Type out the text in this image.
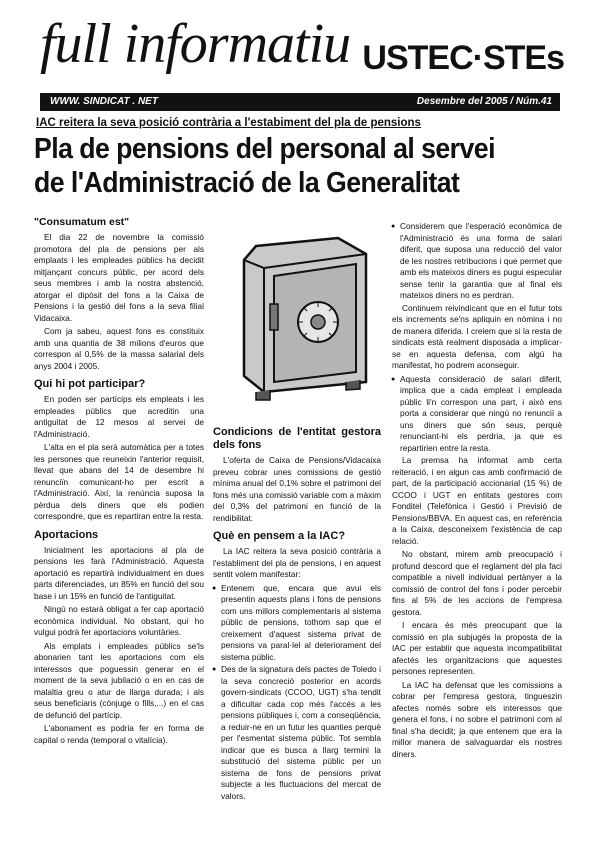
full informatiu USTEC·STEs
WWW. SINDICAT . NET	Desembre del 2005 / Núm.41
IAC reitera la seva posició contrària a l'estabiment del pla de pensions
Pla de pensions del personal al servei de l'Administració de la Generalitat
"Consumatum est"

El dia 22 de novembre la comissió promotora del pla de pensions per als emplaats i les empleades públics ha decidit mitjançant concurs públic, per acord dels seus membres i amb la nostra abstenció, atorgar el dipòsit del fons a la Caixa de Pensions i la gestió del fons a la seva filial Vidacaixa.

Com ja sabeu, aquest fons es constituix amb una quantia de 38 milions d'euros que correspon al 0,5% de la massa salarial dels anys 2004 i 2005.

Qui hi pot participar?

En poden ser partícips els empleats i les empleades públics que acreditin una antiguitat de 12 mesos al servei de l'Administració.

L'alta en el pla serà automàtica per a totes les persones que reuneixin l'anterior requisit, llevat que abans del 14 de desembre hi renunciïn comunicant-ho per escrit a l'Administració. Així, la renúncia suposa la pèrdua dels diners que els podien correspondre, que es repartiran entre la resta.

Aportacions

Inicialment les aportacions al pla de pensions les farà l'Administració. Aquesta aportació es repartirà individualment en dues parts diferenciades, un 85% en funció del sou base i un 15% en funció de l'antiguitat.

Ningú no estarà obligat a fer cap aportació econòmica individual. No obstant, qui ho vulgui podrà fer aportacions voluntàries.

Als emplats i empleades públics se'ls abonarien tant les aportacions com els interessos que poguessin generar en el moment de la seva jubilació o en en cas de malaltia greu o atur de llarga durada; i als seus beneficiaris (cònjuge o fills,...) en el cas de defunció del partícip.

L'abonament es podria fer en forma de capital o renda (temporal o vitalícia).

Condicions de l'entitat gestora dels fons

L'oferta de Caixa de Pensions/Vidacaixa preveu cobrar unes comissions de gestió mínima anual del 0,1% sobre el patrimoni del fons més una comissió variable com a màxim del 0,3% del patrimoni en funció de la rendibilitat.

Què en pensem a la IAC?

La IAC reitera la seva posició contrària a l'establiment del pla de pensions, i en aquest sentit volem manifestar:

● Entenem que, encara que avui els presentin aquests plans i fons de pensions com uns millors complementaris al sistema públic de pensions, tothom sap que el creixement d'aquest sistema privat de pensions va paral·lel al deteriorament del sistema públic.
● Des de la signatura dels pactes de Toledo i la seva concreció posterior en acords govern-sindicats (CCOO, UGT) s'ha tendit a dificultar cada cop més l'accés a les pensions públiques i, com a conseqüència, a reduir-ne en un futur les quanties perquè per l'esmentat sistema públic. Tot sembla indicar que es busca a llarg termini la substitució del sistema públic per un sistema de fons de pensions privat subjecte a les fluctuacions del mercat de valors.
● Considerem que l'esperació econòmica de l'Administració és una forma de salari diferit, que suposa una reducció del valor de les nostres retribucions i que permet que amb els mateixos diners es pugui especular sense tenir la garantia que al final els mateixos diners no es perdran.

Continuem reivindicant que en el futur tots els increments se'ns apliquin en nòmina i no de manera diferida. I creiem que si la resta de sindicats està realment disposada a implicar-se en aquesta defensa, com algú ha manifestat, ho podrem aconseguir.

● Aquesta consideració de salari diferit, implica que a cada empleat i empleada públic li'n correspon una part, i això ens porta a considerar que ningú no renunciï a uns diners que són seus, perquè renunciant-hi els perdria, ja que es repartirien entre la resta.

La premsa ha informat amb certa reiteració, i en algun cas amb confirmació de part, de la participació accionarial (15 %) de CCOO i UGT en entitats gestores com Fonditel (Telefònica i Gestió i Previsió de Pensions/BBVA. En aquest cas, en referència a la Caixa, desconeixem l'existència de cap relació.

No obstant, mirem amb preocupació i profund descord que el reglament del pla faci compatible a nivell individual pertànyer a la comissió de control del fons i poder percebir fins al 5% de les accions de l'empresa gestora.

I encara és més preocupant que la comissió en pla subjugés la proposta de la IAC per establir que aquesta incompatibilitat afectés les organitzacions que aquestes persones representen.

La IAC ha defensat que les comissions a cobrar per l'empresa gestora, tingueszin afectes només sobre els interessos que genera el fons, i no sobre el patrimoni com al final s'ha decidit; ja que entenem que era la millor manera de salvaguardar els nostres diners.
